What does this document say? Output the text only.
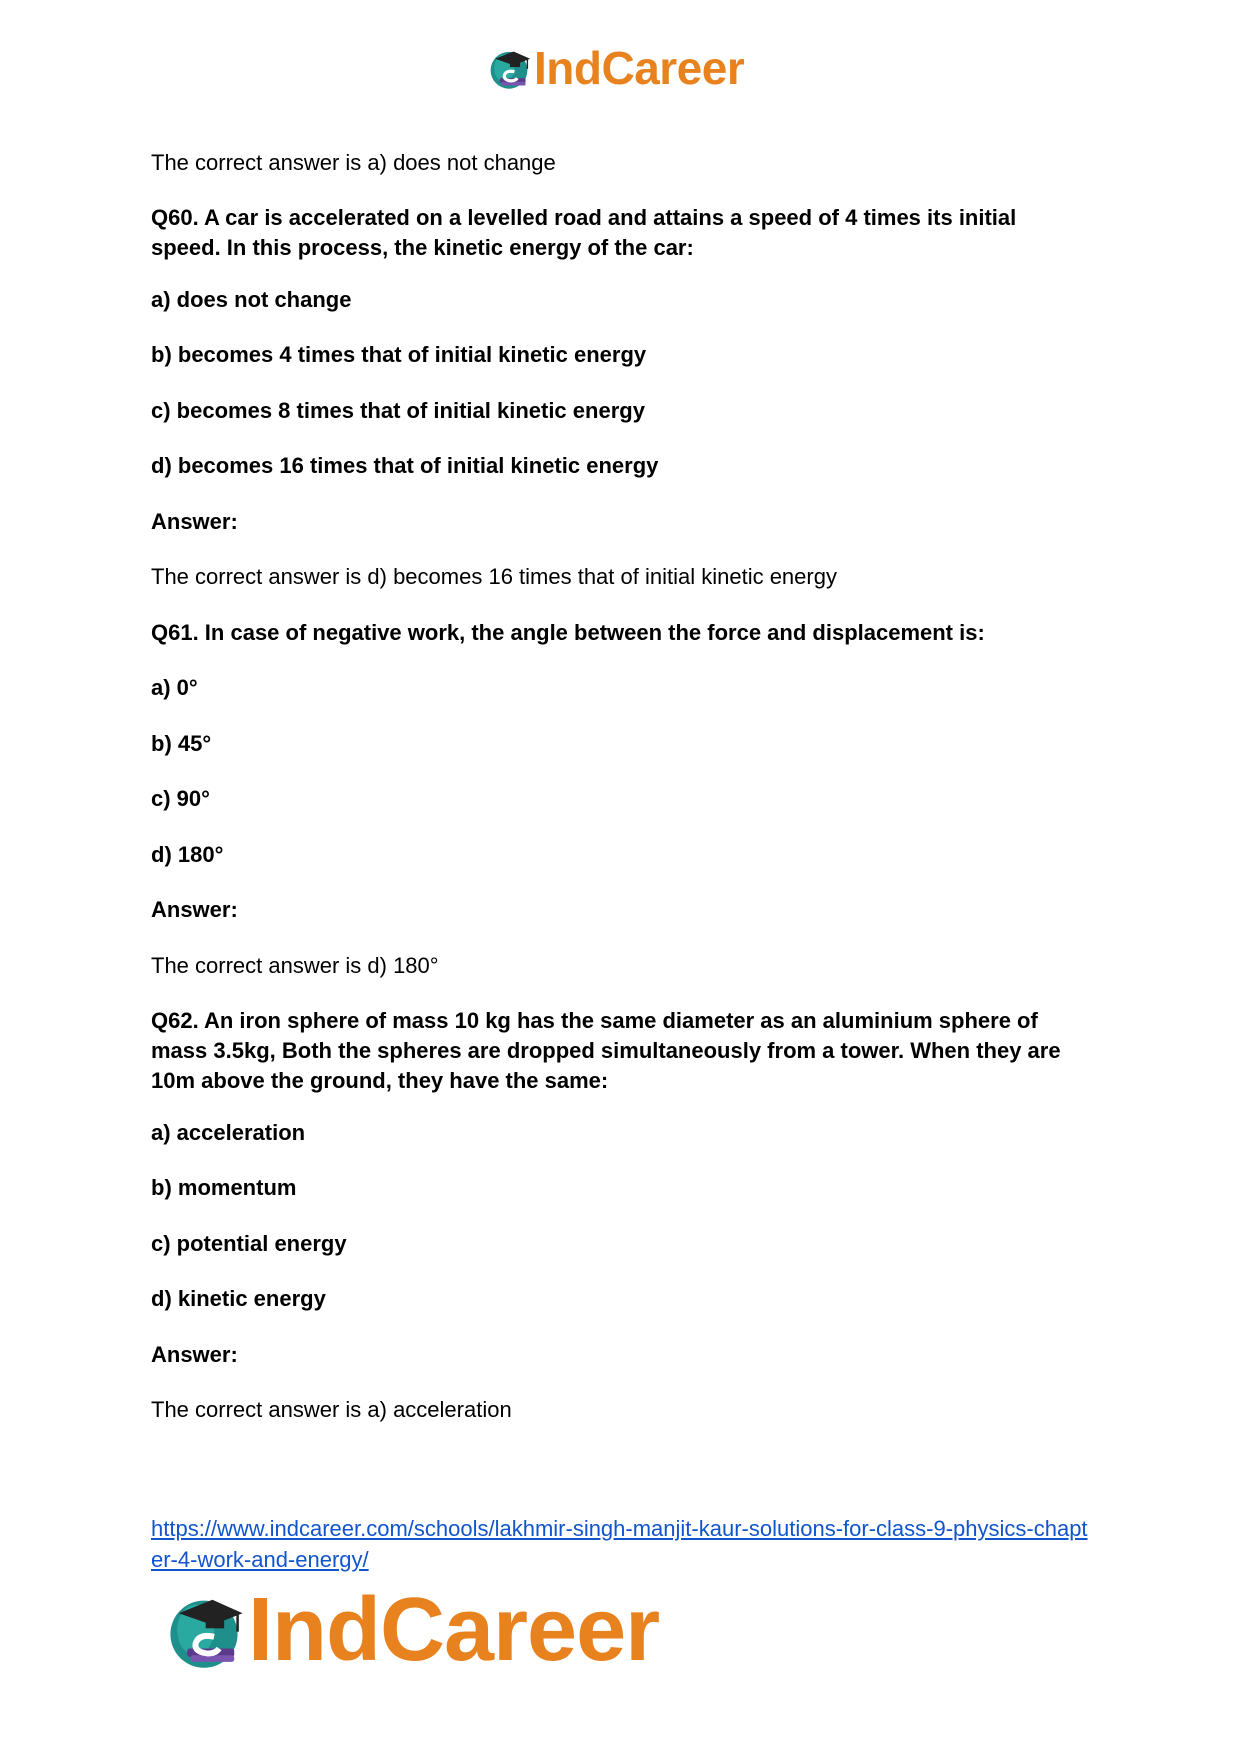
IndCareer

The correct answer is a) does not change

Q60. A car is accelerated on a levelled road and attains a speed of 4 times its initial speed. In this process, the kinetic energy of the car:

a) does not change

b) becomes 4 times that of initial kinetic energy

c) becomes 8 times that of initial kinetic energy

d) becomes 16 times that of initial kinetic energy

Answer:

The correct answer is d) becomes 16 times that of initial kinetic energy

Q61. In case of negative work, the angle between the force and displacement is:

a) 0°

b) 45°

c) 90°

d) 180°

Answer:

The correct answer is d) 180°

Q62. An iron sphere of mass 10 kg has the same diameter as an aluminium sphere of mass 3.5kg, Both the spheres are dropped simultaneously from a tower. When they are 10m above the ground, they have the same:

a) acceleration

b) momentum

c) potential energy

d) kinetic energy

Answer:

The correct answer is a) acceleration

https://www.indcareer.com/schools/lakhmir-singh-manjit-kaur-solutions-for-class-9-physics-chapter-4-work-and-energy/
IndCareer
